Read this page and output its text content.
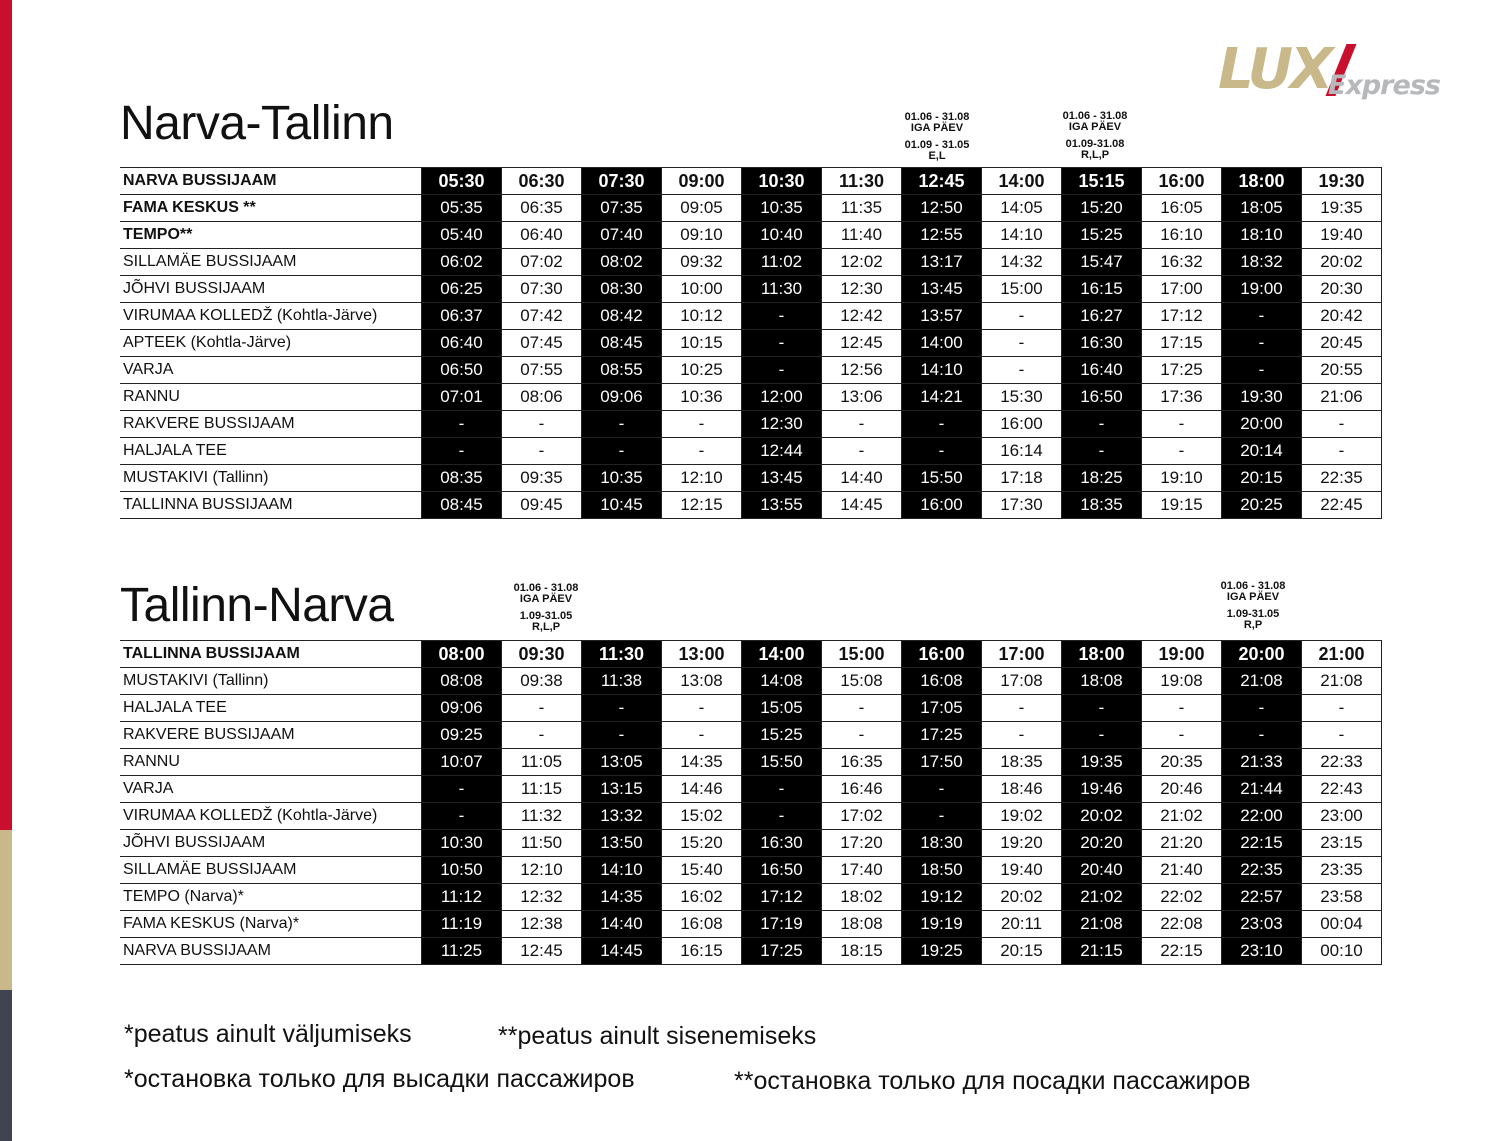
LUX
Express
Narva-Tallinn	01.06 - 31.08
IGA PÄEV
01.09 - 31.05
E,L
01.06 - 31.08
IGA PÄEV
01.09-31.08
R,L,P
NARVA BUSSIJAAM	05:30	06:30	07:30	09:00	10:30	11:30	12:45	14:00	15:15	16:00	18:00	19:30
FAMA KESKUS **	05:35	06:35	07:35	09:05	10:35	11:35	12:50	14:05	15:20	16:05	18:05	19:35
TEMPO**	05:40	06:40	07:40	09:10	10:40	11:40	12:55	14:10	15:25	16:10	18:10	19:40
SILLAMÄE BUSSIJAAM	06:02	07:02	08:02	09:32	11:02	12:02	13:17	14:32	15:47	16:32	18:32	20:02
JÕHVI BUSSIJAAM	06:25	07:30	08:30	10:00	11:30	12:30	13:45	15:00	16:15	17:00	19:00	20:30
VIRUMAA KOLLEDŽ (Kohtla-Järve)	06:37	07:42	08:42	10:12	-	12:42	13:57	-	16:27	17:12	-	20:42
APTEEK (Kohtla-Järve)	06:40	07:45	08:45	10:15	-	12:45	14:00	-	16:30	17:15	-	20:45
VARJA	06:50	07:55	08:55	10:25	-	12:56	14:10	-	16:40	17:25	-	20:55
RANNU	07:01	08:06	09:06	10:36	12:00	13:06	14:21	15:30	16:50	17:36	19:30	21:06
RAKVERE BUSSIJAAM	-	-	-	-	12:30	-	-	16:00	-	-	20:00	-
HALJALA TEE	-	-	-	-	12:44	-	-	16:14	-	-	20:14	-
MUSTAKIVI (Tallinn)	08:35	09:35	10:35	12:10	13:45	14:40	15:50	17:18	18:25	19:10	20:15	22:35
TALLINNA BUSSIJAAM	08:45	09:45	10:45	12:15	13:55	14:45	16:00	17:30	18:35	19:15	20:25	22:45
Tallinn-Narva	01.06 - 31.08
IGA PÄEV
1.09-31.05
R,L,P
01.06 - 31.08
IGA PÄEV
1.09-31.05
R,P
TALLINNA BUSSIJAAM	08:00	09:30	11:30	13:00	14:00	15:00	16:00	17:00	18:00	19:00	20:00	21:00
MUSTAKIVI (Tallinn)	08:08	09:38	11:38	13:08	14:08	15:08	16:08	17:08	18:08	19:08	21:08	21:08
HALJALA TEE	09:06	-	-	-	15:05	-	17:05	-	-	-	-	-
RAKVERE BUSSIJAAM	09:25	-	-	-	15:25	-	17:25	-	-	-	-	-
RANNU	10:07	11:05	13:05	14:35	15:50	16:35	17:50	18:35	19:35	20:35	21:33	22:33
VARJA	-	11:15	13:15	14:46	-	16:46	-	18:46	19:46	20:46	21:44	22:43
VIRUMAA KOLLEDŽ (Kohtla-Järve)	-	11:32	13:32	15:02	-	17:02	-	19:02	20:02	21:02	22:00	23:00
JÕHVI BUSSIJAAM	10:30	11:50	13:50	15:20	16:30	17:20	18:30	19:20	20:20	21:20	22:15	23:15
SILLAMÄE BUSSIJAAM	10:50	12:10	14:10	15:40	16:50	17:40	18:50	19:40	20:40	21:40	22:35	23:35
TEMPO (Narva)*	11:12	12:32	14:35	16:02	17:12	18:02	19:12	20:02	21:02	22:02	22:57	23:58
FAMA KESKUS (Narva)*	11:19	12:38	14:40	16:08	17:19	18:08	19:19	20:11	21:08	22:08	23:03	00:04
NARVA BUSSIJAAM	11:25	12:45	14:45	16:15	17:25	18:15	19:25	20:15	21:15	22:15	23:10	00:10
*peatus ainult väljumiseks	**peatus ainult sisenemiseks
*остановка только для высадки пассажиров	**остановка только для посадки пассажиров
